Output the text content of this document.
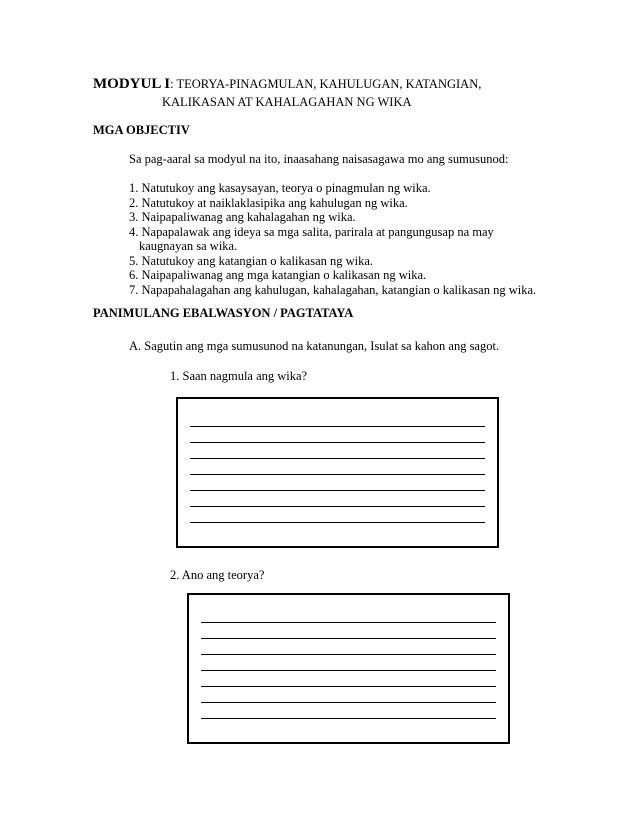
MODYUL I: TEORYA-PINAGMULAN, KAHULUGAN, KATANGIAN,
KALIKASAN AT KAHALAGAHAN NG WIKA
MGA OBJECTIV
Sa pag-aaral sa modyul na ito, inaasahang naisasagawa mo ang sumusunod:
1. Natutukoy ang kasaysayan, teorya o pinagmulan ng wika.
2. Natutukoy at naiklaklasipika ang kahulugan ng wika.
3. Naipapaliwanag ang kahalagahan ng wika.
4. Napapalawak ang ideya sa mga salita, parirala at pangungusap na may kaugnayan sa wika.
5. Natutukoy ang katangian o kalikasan ng wika.
6. Naipapaliwanag ang mga katangian o kalikasan ng wika.
7. Napapahalagahan ang kahulugan, kahalagahan, katangian o kalikasan ng wika.
PANIMULANG EBALWASYON / PAGTATAYA
A. Sagutin ang mga sumusunod na katanungan, Isulat sa kahon ang sagot.
1. Saan nagmula ang wika?
2. Ano ang teorya?
